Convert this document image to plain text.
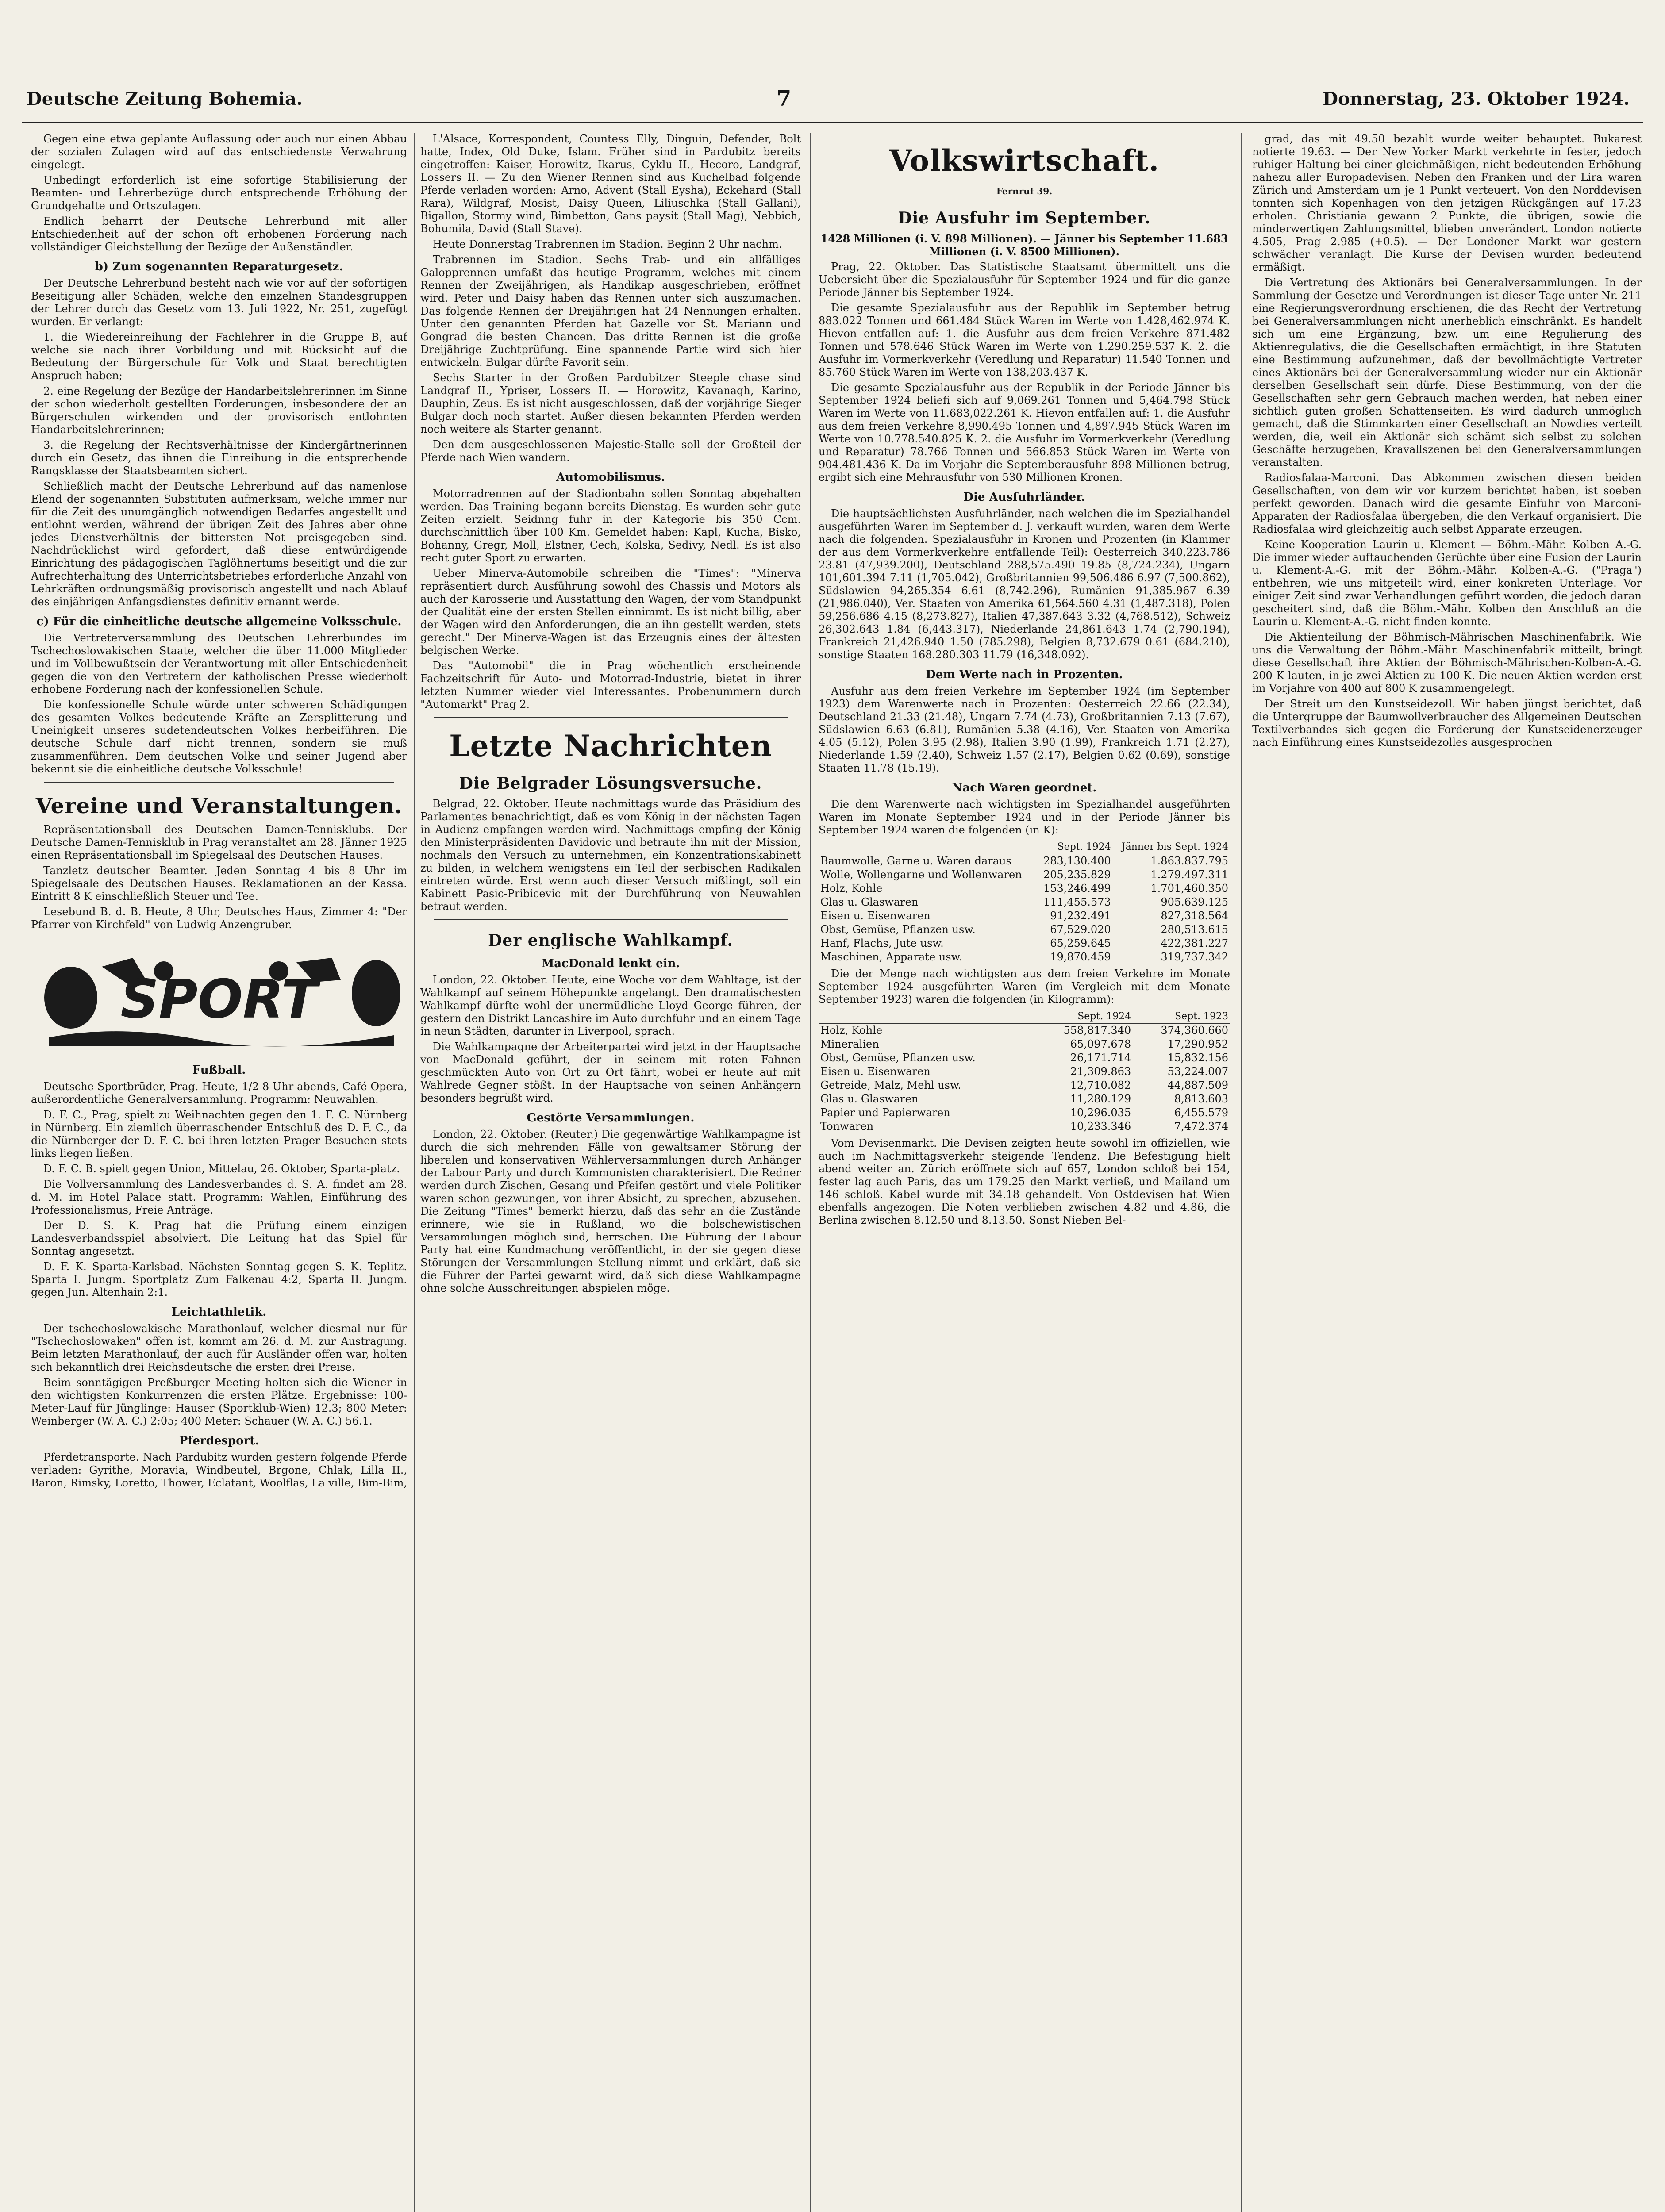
Deutsche Zeitung Bohemia.	7	Donnerstag, 23. Oktober 1924.

Gegen eine etwa geplante Auflassung oder auch nur einen Abbau der sozialen Zulagen wird auf das entschiedenste Verwahrung eingelegt.

Unbedingt erforderlich ist eine sofortige Stabilisierung der Beamten- und Lehrerbezüge durch entsprechende Erhöhung der Grundgehalte und Ortszulagen.

Endlich beharrt der Deutsche Lehrerbund mit aller Entschiedenheit auf der schon oft erhobenen Forderung nach vollständiger Gleichstellung der Bezüge der Außenständler.

b) Zum sogenannten Reparaturgesetz.

Der Deutsche Lehrerbund besteht nach wie vor auf der sofortigen Beseitigung aller Schäden, welche den einzelnen Standesgruppen der Lehrer durch das Gesetz vom 13. Juli 1922, Nr. 251, zugefügt wurden. Er verlangt:

1. die Wiedereinreihung der Fachlehrer in die Gruppe B, auf welche sie nach ihrer Vorbildung und mit Rücksicht auf die Bedeutung der Bürgerschule für Volk und Staat berechtigten Anspruch haben;

2. eine Regelung der Bezüge der Handarbeitslehrerinnen im Sinne der schon wiederholt gestellten Forderungen, insbesondere der an Bürgerschulen wirkenden und der provisorisch entlohnten Handarbeitslehrerinnen;

3. die Regelung der Rechtsverhältnisse der Kindergärtnerinnen durch ein Gesetz, das ihnen die Einreihung in die entsprechende Rangsklasse der Staatsbeamten sichert.

Schließlich macht der Deutsche Lehrerbund auf das namenlose Elend der sogenannten Substituten aufmerksam, welche immer nur für die Zeit des unumgänglich notwendigen Bedarfes angestellt und entlohnt werden, während der übrigen Zeit des Jahres aber ohne jedes Dienstverhältnis der bittersten Not preisgegeben sind. Nachdrücklichst wird gefordert, daß diese entwürdigende Einrichtung des pädagogischen Taglöhnertums beseitigt und die zur Aufrechterhaltung des Unterrichtsbetriebes erforderliche Anzahl von Lehrkräften ordnungsmäßig provisorisch angestellt und nach Ablauf des einjährigen Anfangsdienstes definitiv ernannt werde.

c) Für die einheitliche deutsche allgemeine Volksschule.

Die Vertreterversammlung des Deutschen Lehrerbundes im Tschechoslowakischen Staate, welcher die über 11.000 Mitglieder und im Vollbewußtsein der Verantwortung mit aller Entschiedenheit gegen die von den Vertretern der katholischen Presse wiederholt erhobene Forderung nach der konfessionellen Schule.

Die konfessionelle Schule würde unter schweren Schädigungen des gesamten Volkes bedeutende Kräfte an Zersplitterung und Uneinigkeit unseres sudetendeutschen Volkes herbeiführen. Die deutsche Schule darf nicht trennen, sondern sie muß zusammenführen. Dem deutschen Volke und seiner Jugend aber bekennt sie die einheitliche deutsche Volksschule!

Vereine und Veranstaltungen.

Repräsentationsball des Deutschen Damen-Tennisklubs. Der Deutsche Damen-Tennisklub in Prag veranstaltet am 28. Jänner 1925 einen Repräsentationsball im Spiegelsaal des Deutschen Hauses.

Tanzletz deutscher Beamter. Jeden Sonntag 4 bis 8 Uhr im Spiegelsaale des Deutschen Hauses. Reklamationen an der Kassa. Eintritt 8 K einschließlich Steuer und Tee.

Lesebund B. d. B. Heute, 8 Uhr, Deutsches Haus, Zimmer 4: "Der Pfarrer von Kirchfeld" von Ludwig Anzengruber.

SPORT
Fußball.

Deutsche Sportbrüder, Prag. Heute, 1/2 8 Uhr abends, Café Opera, außerordentliche Generalversammlung. Programm: Neuwahlen.

D. F. C., Prag, spielt zu Weihnachten gegen den 1. F. C. Nürnberg in Nürnberg. Ein ziemlich überraschender Entschluß des D. F. C., da die Nürnberger der D. F. C. bei ihren letzten Prager Besuchen stets links liegen ließen.

D. F. C. B. spielt gegen Union, Mittelau, 26. Oktober, Sparta-platz.

Die Vollversammlung des Landesverbandes d. S. A. findet am 28. d. M. im Hotel Palace statt. Programm: Wahlen, Einführung des Professionalismus, Freie Anträge.

Der D. S. K. Prag hat die Prüfung einem einzigen Landesverbandsspiel absolviert. Die Leitung hat das Spiel für Sonntag angesetzt.

D. F. K. Sparta-Karlsbad. Nächsten Sonntag gegen S. K. Teplitz. Sparta I. Jungm. Sportplatz Zum Falkenau 4:2, Sparta II. Jungm. gegen Jun. Altenhain 2:1.

Leichtathletik.

Der tschechoslowakische Marathonlauf, welcher diesmal nur für "Tschechoslowaken" offen ist, kommt am 26. d. M. zur Austragung. Beim letzten Marathonlauf, der auch für Ausländer offen war, holten sich bekanntlich drei Reichsdeutsche die ersten drei Preise.

Beim sonntägigen Preßburger Meeting holten sich die Wiener in den wichtigsten Konkurrenzen die ersten Plätze. Ergebnisse: 100-Meter-Lauf für Jünglinge: Hauser (Sportklub-Wien) 12.3; 800 Meter: Weinberger (W. A. C.) 2:05; 400 Meter: Schauer (W. A. C.) 56.1.

Pferdesport.

Pferdetransporte. Nach Pardubitz wurden gestern folgende Pferde verladen: Gyrithe, Moravia, Windbeutel, Brgone, Chlak, Lilla II., Baron, Rimsky, Loretto, Thower, Eclatant, Woolflas, La ville, Bim-Bim,

L'Alsace, Korrespondent, Countess Elly, Dinguin, Defender, Bolt hatte, Index, Old Duke, Islam. Früher sind in Pardubitz bereits eingetroffen: Kaiser, Horowitz, Ikarus, Cyklu II., Hecoro, Landgraf, Lossers II. — Zu den Wiener Rennen sind aus Kuchelbad folgende Pferde verladen worden: Arno, Advent (Stall Eysha), Eckehard (Stall Rara), Wildgraf, Mosist, Daisy Queen, Liliuschka (Stall Gallani), Bigallon, Stormy wind, Bimbetton, Gans paysit (Stall Mag), Nebbich, Bohumila, David (Stall Stave).

Heute Donnerstag Trabrennen im Stadion. Beginn 2 Uhr nachm.

Trabrennen im Stadion. Sechs Trab- und ein allfälliges Galopprennen umfaßt das heutige Programm, welches mit einem Rennen der Zweijährigen, als Handikap ausgeschrieben, eröffnet wird. Peter und Daisy haben das Rennen unter sich auszumachen. Das folgende Rennen der Dreijährigen hat 24 Nennungen erhalten. Unter den genannten Pferden hat Gazelle vor St. Mariann und Gongrad die besten Chancen. Das dritte Rennen ist die große Dreijährige Zuchtprüfung. Eine spannende Partie wird sich hier entwickeln. Bulgar dürfte Favorit sein.

Sechs Starter in der Großen Pardubitzer Steeple chase sind Landgraf II., Ypriser, Lossers II. — Horowitz, Kavanagh, Karino, Dauphin, Zeus. Es ist nicht ausgeschlossen, daß der vorjährige Sieger Bulgar doch noch startet. Außer diesen bekannten Pferden werden noch weitere als Starter genannt.

Den dem ausgeschlossenen Majestic-Stalle soll der Großteil der Pferde nach Wien wandern.

Automobilismus.

Motorradrennen auf der Stadionbahn sollen Sonntag abgehalten werden. Das Training begann bereits Dienstag. Es wurden sehr gute Zeiten erzielt. Seidnng fuhr in der Kategorie bis 350 Ccm. durchschnittlich über 100 Km. Gemeldet haben: Kapl, Kucha, Bisko, Bohanny, Gregr, Moll, Elstner, Cech, Kolska, Sedivy, Nedl. Es ist also recht guter Sport zu erwarten.

Ueber Minerva-Automobile schreiben die "Times": "Minerva repräsentiert durch Ausführung sowohl des Chassis und Motors als auch der Karosserie und Ausstattung den Wagen, der vom Standpunkt der Qualität eine der ersten Stellen einnimmt. Es ist nicht billig, aber der Wagen wird den Anforderungen, die an ihn gestellt werden, stets gerecht." Der Minerva-Wagen ist das Erzeugnis eines der ältesten belgischen Werke.

Das "Automobil" die in Prag wöchentlich erscheinende Fachzeitschrift für Auto- und Motorrad-Industrie, bietet in ihrer letzten Nummer wieder viel Interessantes. Probenummern durch "Automarkt" Prag 2.

Letzte Nachrichten
Die Belgrader Lösungsversuche.

Belgrad, 22. Oktober. Heute nachmittags wurde das Präsidium des Parlamentes benachrichtigt, daß es vom König in der nächsten Tagen in Audienz empfangen werden wird. Nachmittags empfing der König den Ministerpräsidenten Davidovic und betraute ihn mit der Mission, nochmals den Versuch zu unternehmen, ein Konzentrationskabinett zu bilden, in welchem wenigstens ein Teil der serbischen Radikalen eintreten würde. Erst wenn auch dieser Versuch mißlingt, soll ein Kabinett Pasic-Pribicevic mit der Durchführung von Neuwahlen betraut werden.

Der englische Wahlkampf.
MacDonald lenkt ein.

London, 22. Oktober. Heute, eine Woche vor dem Wahltage, ist der Wahlkampf auf seinem Höhepunkte angelangt. Den dramatischesten Wahlkampf dürfte wohl der unermüdliche Lloyd George führen, der gestern den Distrikt Lancashire im Auto durchfuhr und an einem Tage in neun Städten, darunter in Liverpool, sprach.

Die Wahlkampagne der Arbeiterpartei wird jetzt in der Hauptsache von MacDonald geführt, der in seinem mit roten Fahnen geschmückten Auto von Ort zu Ort fährt, wobei er heute auf mit Wahlrede Gegner stößt. In der Hauptsache von seinen Anhängern besonders begrüßt wird.

Gestörte Versammlungen.

London, 22. Oktober. (Reuter.) Die gegenwärtige Wahlkampagne ist durch die sich mehrenden Fälle von gewaltsamer Störung der liberalen und konservativen Wählerversammlungen durch Anhänger der Labour Party und durch Kommunisten charakterisiert. Die Redner werden durch Zischen, Gesang und Pfeifen gestört und viele Politiker waren schon gezwungen, von ihrer Absicht, zu sprechen, abzusehen. Die Zeitung "Times" bemerkt hierzu, daß das sehr an die Zustände erinnere, wie sie in Rußland, wo die bolschewistischen Versammlungen möglich sind, herrschen. Die Führung der Labour Party hat eine Kundmachung veröffentlicht, in der sie gegen diese Störungen der Versammlungen Stellung nimmt und erklärt, daß sie die Führer der Partei gewarnt wird, daß sich diese Wahlkampagne ohne solche Ausschreitungen abspielen möge.

Volkswirtschaft.
Fernruf 39.
Die Ausfuhr im September.

1428 Millionen (i. V. 898 Millionen). — Jänner bis September 11.683 Millionen (i. V. 8500 Millionen).

Prag, 22. Oktober. Das Statistische Staatsamt übermittelt uns die Uebersicht über die Spezialausfuhr für September 1924 und für die ganze Periode Jänner bis September 1924.

Die gesamte Spezialausfuhr aus der Republik im September betrug 883.022 Tonnen und 661.484 Stück Waren im Werte von 1.428,462.974 K. Hievon entfallen auf: 1. die Ausfuhr aus dem freien Verkehre 871.482 Tonnen und 578.646 Stück Waren im Werte von 1.290.259.537 K. 2. die Ausfuhr im Vormerkverkehr (Veredlung und Reparatur) 11.540 Tonnen und 85.760 Stück Waren im Werte von 138,203.437 K.

Die gesamte Spezialausfuhr aus der Republik in der Periode Jänner bis September 1924 beliefi sich auf 9,069.261 Tonnen und 5,464.798 Stück Waren im Werte von 11.683,022.261 K. Hievon entfallen auf: 1. die Ausfuhr aus dem freien Verkehre 8,990.495 Tonnen und 4,897.945 Stück Waren im Werte von 10.778.540.825 K. 2. die Ausfuhr im Vormerkverkehr (Veredlung und Reparatur) 78.766 Tonnen und 566.853 Stück Waren im Werte von 904.481.436 K. Da im Vorjahr die Septemberausfuhr 898 Millionen betrug, ergibt sich eine Mehrausfuhr von 530 Millionen Kronen.

Die Ausfuhrländer.

Die hauptsächlichsten Ausfuhrländer, nach welchen die im Spezialhandel ausgeführten Waren im September d. J. verkauft wurden, waren dem Werte nach die folgenden. Spezialausfuhr in Kronen und Prozenten (in Klammer der aus dem Vormerkverkehre entfallende Teil): Oesterreich 340,223.786 23.81 (47,939.200), Deutschland 288,575.490 19.85 (8,724.234), Ungarn 101,601.394 7.11 (1,705.042), Großbritannien 99,506.486 6.97 (7,500.862), Südslawien 94,265.354 6.61 (8,742.296), Rumänien 91,385.967 6.39 (21,986.040), Ver. Staaten von Amerika 61,564.560 4.31 (1,487.318), Polen 59,256.686 4.15 (8,273.827), Italien 47,387.643 3.32 (4,768.512), Schweiz 26,302.643 1.84 (6,443.317), Niederlande 24,861.643 1.74 (2,790.194), Frankreich 21,426.940 1.50 (785.298), Belgien 8,732.679 0.61 (684.210), sonstige Staaten 168.280.303 11.79 (16,348.092).

Dem Werte nach in Prozenten.

Ausfuhr aus dem freien Verkehre im September 1924 (im September 1923) dem Warenwerte nach in Prozenten: Oesterreich 22.66 (22.34), Deutschland 21.33 (21.48), Ungarn 7.74 (4.73), Großbritannien 7.13 (7.67), Südslawien 6.63 (6.81), Rumänien 5.38 (4.16), Ver. Staaten von Amerika 4.05 (5.12), Polen 3.95 (2.98), Italien 3.90 (1.99), Frankreich 1.71 (2.27), Niederlande 1.59 (2.40), Schweiz 1.57 (2.17), Belgien 0.62 (0.69), sonstige Staaten 11.78 (15.19).

Nach Waren geordnet.

Die dem Warenwerte nach wichtigsten im Spezialhandel ausgeführten Waren im Monate September 1924 und in der Periode Jänner bis September 1924 waren die folgenden (in K):

	Sept. 1924	Jänner bis Sept. 1924
Baumwolle, Garne u. Waren daraus	283,130.400	1.863.837.795
Wolle, Wollengarne und Wollenwaren	205,235.829	1.279.497.311
Holz, Kohle	153,246.499	1.701,460.350
Glas u. Glaswaren	111,455.573	905.639.125
Eisen u. Eisenwaren	91,232.491	827,318.564
Obst, Gemüse, Pflanzen usw.	67,529.020	280,513.615
Hanf, Flachs, Jute usw.	65,259.645	422,381.227
Maschinen, Apparate usw.	19,870.459	319,737.342

Die der Menge nach wichtigsten aus dem freien Verkehre im Monate September 1924 ausgeführten Waren (im Vergleich mit dem Monate September 1923) waren die folgenden (in Kilogramm):

	Sept. 1924	Sept. 1923
Holz, Kohle	558,817.340	374,360.660
Mineralien	65,097.678	17,290.952
Obst, Gemüse, Pflanzen usw.	26,171.714	15,832.156
Eisen u. Eisenwaren	21,309.863	53,224.007
Getreide, Malz, Mehl usw.	12,710.082	44,887.509
Glas u. Glaswaren	11,280.129	8,813.603
Papier und Papierwaren	10,296.035	6,455.579
Tonwaren	10,233.346	7,472.374

Vom Devisenmarkt. Die Devisen zeigten heute sowohl im offiziellen, wie auch im Nachmittagsverkehr steigende Tendenz. Die Befestigung hielt abend weiter an. Zürich eröffnete sich auf 657, London schloß bei 154, fester lag auch Paris, das um 179.25 den Markt verließ, und Mailand um 146 schloß. Kabel wurde mit 34.18 gehandelt. Von Ostdevisen hat Wien ebenfalls angezogen. Die Noten verblieben zwischen 4.82 und 4.86, die Berlina zwischen 8.12.50 und 8.13.50. Sonst Nieben Bel-

grad, das mit 49.50 bezahlt wurde weiter behauptet. Bukarest notierte 19.63. — Der New Yorker Markt verkehrte in fester, jedoch ruhiger Haltung bei einer gleichmäßigen, nicht bedeutenden Erhöhung nahezu aller Europadevisen. Neben den Franken und der Lira waren Zürich und Amsterdam um je 1 Punkt verteuert. Von den Norddevisen tonnten sich Kopenhagen von den jetzigen Rückgängen auf 17.23 erholen. Christiania gewann 2 Punkte, die übrigen, sowie die minderwertigen Zahlungsmittel, blieben unverändert. London notierte 4.505, Prag 2.985 (+0.5). — Der Londoner Markt war gestern schwächer veranlagt. Die Kurse der Devisen wurden bedeutend ermäßigt.

Die Vertretung des Aktionärs bei Generalversammlungen. In der Sammlung der Gesetze und Verordnungen ist dieser Tage unter Nr. 211 eine Regierungsverordnung erschienen, die das Recht der Vertretung bei Generalversammlungen nicht unerheblich einschränkt. Es handelt sich um eine Ergänzung, bzw. um eine Regulierung des Aktienregulativs, die die Gesellschaften ermächtigt, in ihre Statuten eine Bestimmung aufzunehmen, daß der bevollmächtigte Vertreter eines Aktionärs bei der Generalversammlung wieder nur ein Aktionär derselben Gesellschaft sein dürfe. Diese Bestimmung, von der die Gesellschaften sehr gern Gebrauch machen werden, hat neben einer sichtlich guten großen Schattenseiten. Es wird dadurch unmöglich gemacht, daß die Stimmkarten einer Gesellschaft an Nowdies verteilt werden, die, weil ein Aktionär sich schämt sich selbst zu solchen Geschäfte herzugeben, Kravallszenen bei den Generalversammlungen veranstalten.

Radiosfalaa-Marconi. Das Abkommen zwischen diesen beiden Gesellschaften, von dem wir vor kurzem berichtet haben, ist soeben perfekt geworden. Danach wird die gesamte Einfuhr von Marconi-Apparaten der Radiosfalaa übergeben, die den Verkauf organisiert. Die Radiosfalaa wird gleichzeitig auch selbst Apparate erzeugen.

Keine Kooperation Laurin u. Klement — Böhm.-Mähr. Kolben A.-G. Die immer wieder auftauchenden Gerüchte über eine Fusion der Laurin u. Klement-A.-G. mit der Böhm.-Mähr. Kolben-A.-G. ("Praga") entbehren, wie uns mitgeteilt wird, einer konkreten Unterlage. Vor einiger Zeit sind zwar Verhandlungen geführt worden, die jedoch daran gescheitert sind, daß die Böhm.-Mähr. Kolben den Anschluß an die Laurin u. Klement-A.-G. nicht finden konnte.

Die Aktienteilung der Böhmisch-Mährischen Maschinenfabrik. Wie uns die Verwaltung der Böhm.-Mähr. Maschinenfabrik mitteilt, bringt diese Gesellschaft ihre Aktien der Böhmisch-Mährischen-Kolben-A.-G. 200 K lauten, in je zwei Aktien zu 100 K. Die neuen Aktien werden erst im Vorjahre von 400 auf 800 K zusammengelegt.

Der Streit um den Kunstseidezoll. Wir haben jüngst berichtet, daß die Untergruppe der Baumwollverbraucher des Allgemeinen Deutschen Textilverbandes sich gegen die Forderung der Kunstseidenerzeuger nach Einführung eines Kunstseidezolles ausgesprochen
